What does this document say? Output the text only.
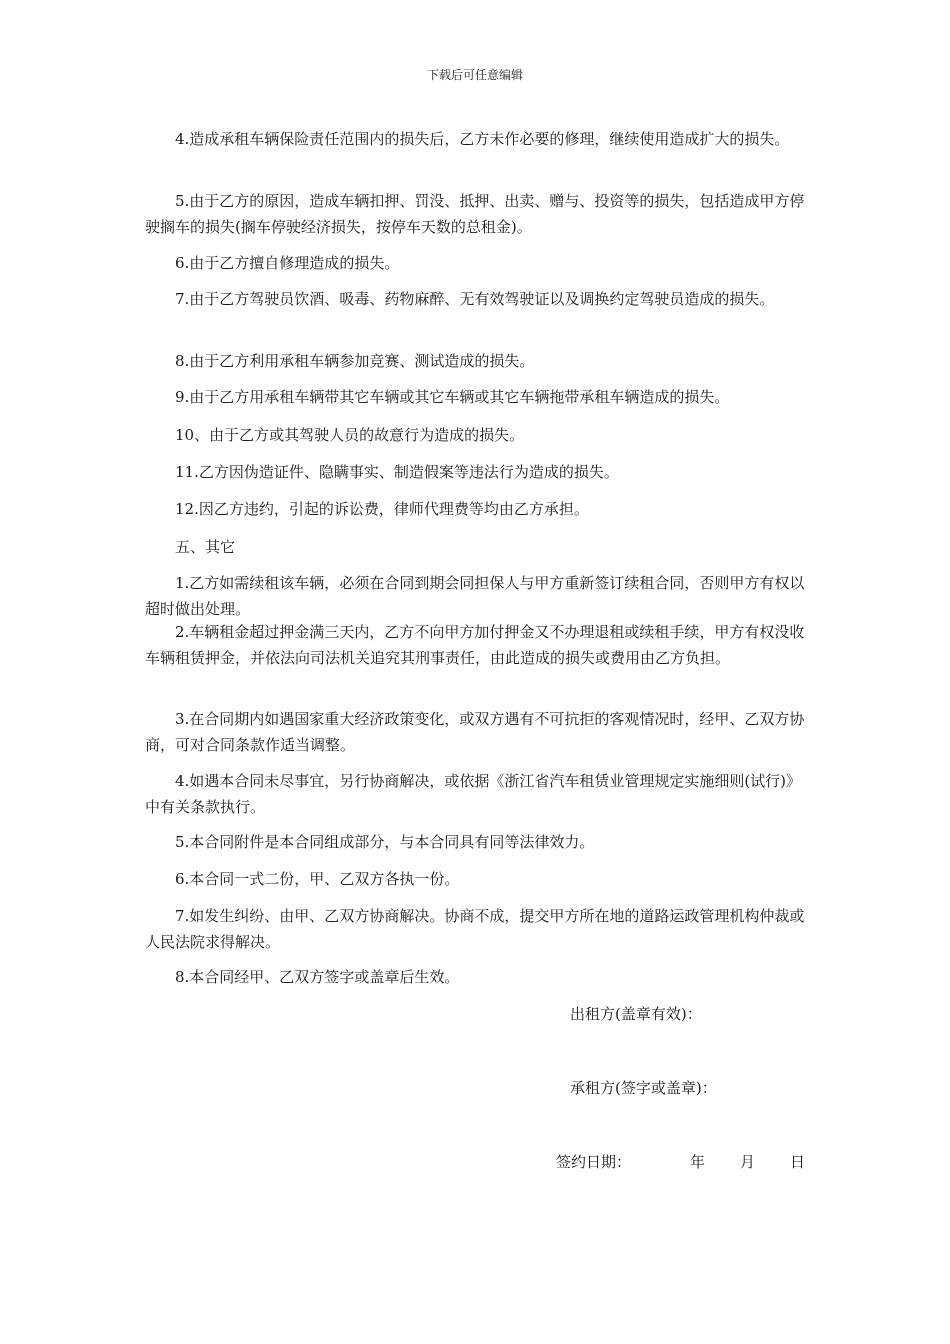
下载后可任意编辑

4.造成承租车辆保险责任范围内的损失后，乙方未作必要的修理，继续使用造成扩大的损失。

5.由于乙方的原因，造成车辆扣押、罚没、抵押、出卖、赠与、投资等的损失，包括造成甲方停驶搁车的损失(搁车停驶经济损失，按停车天数的总租金)。

6.由于乙方擅自修理造成的损失。

7.由于乙方驾驶员饮酒、吸毒、药物麻醉、无有效驾驶证以及调换约定驾驶员造成的损失。

8.由于乙方利用承租车辆参加竞赛、测试造成的损失。

9.由于乙方用承租车辆带其它车辆或其它车辆或其它车辆拖带承租车辆造成的损失。

10、由于乙方或其驾驶人员的故意行为造成的损失。

11.乙方因伪造证件、隐瞒事实、制造假案等违法行为造成的损失。

12.因乙方违约，引起的诉讼费，律师代理费等均由乙方承担。

五、其它

1.乙方如需续租该车辆，必须在合同到期会同担保人与甲方重新签订续租合同，否则甲方有权以超时做出处理。

2.车辆租金超过押金满三天内，乙方不向甲方加付押金又不办理退租或续租手续，甲方有权没收车辆租赁押金，并依法向司法机关追究其刑事责任，由此造成的损失或费用由乙方负担。

3.在合同期内如遇国家重大经济政策变化，或双方遇有不可抗拒的客观情况时，经甲、乙双方协商，可对合同条款作适当调整。

4.如遇本合同未尽事宜，另行协商解决，或依据《浙江省汽车租赁业管理规定实施细则(试行)》中有关条款执行。

5.本合同附件是本合同组成部分，与本合同具有同等法律效力。

6.本合同一式二份，甲、乙双方各执一份。

7.如发生纠纷、由甲、乙双方协商解决。协商不成，提交甲方所在地的道路运政管理机构仲裁或人民法院求得解决。

8.本合同经甲、乙双方签字或盖章后生效。

出租方(盖章有效)：

承租方(签字或盖章)：

签约日期：	年 月 日
